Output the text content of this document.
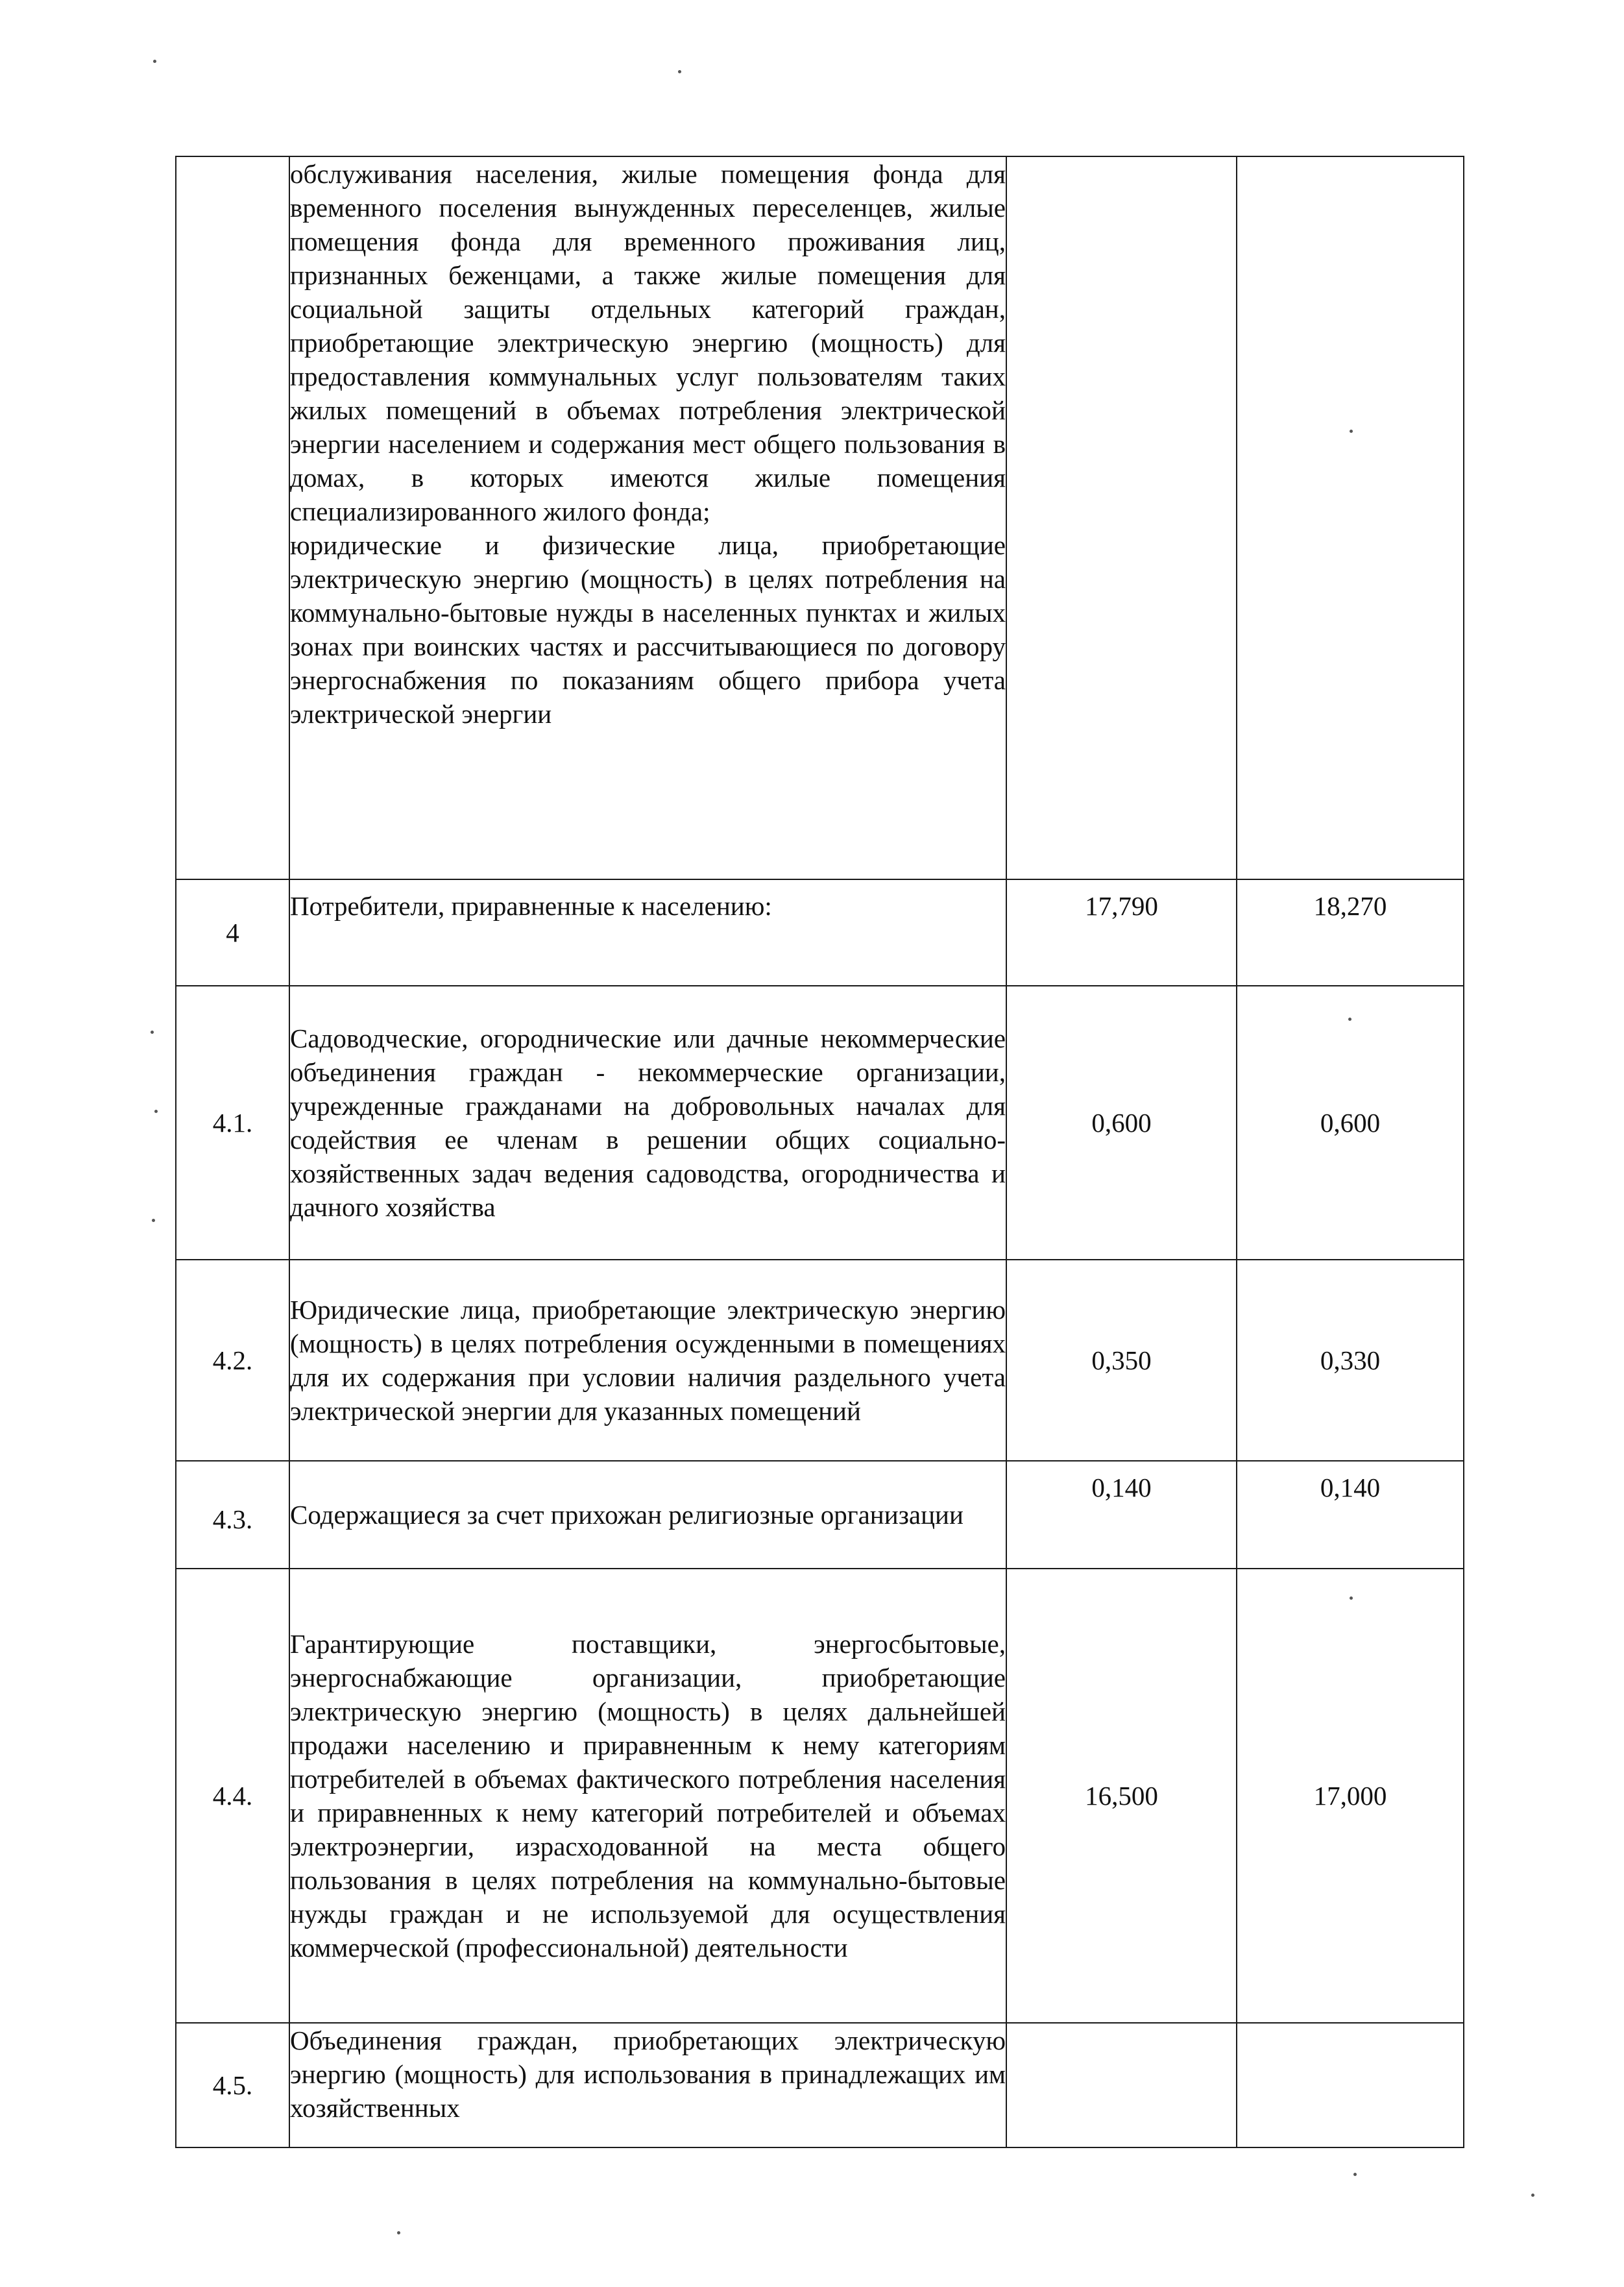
	обслуживания населения, жилые помещения фонда для временного поселения вынужденных переселенцев, жилые помещения фонда для временного проживания лиц, признанных беженцами, а также жилые помещения для социальной защиты отдельных категорий граждан, приобретающие электрическую энергию (мощность) для предоставления коммунальных услуг пользователям таких жилых помещений в объемах потребления электрической энергии населением и содержания мест общего пользования в домах, в которых имеются жилые помещения специализированного жилого фонда;
юридические и физические лица, приобретающие электрическую энергию (мощность) в целях потребления на коммунально-бытовые нужды в населенных пунктах и жилых зонах при воинских частях и рассчитывающиеся по договору энергоснабжения по показаниям общего прибора учета электрической энергии		

4	Потребители, приравненные к населению:	17,790	18,270
4.1.	Садоводческие, огороднические или дачные некоммерческие объединения граждан - некоммерческие организации, учрежденные гражданами на добровольных началах для содействия ее членам в решении общих социально-хозяйственных задач ведения садоводства, огородничества и дачного хозяйства	0,600	0,600
4.2.	Юридические лица, приобретающие электрическую энергию (мощность) в целях потребления осужденными в помещениях для их содержания при условии наличия раздельного учета электрической энергии для указанных помещений	0,350	0,330
4.3.	Содержащиеся за счет прихожан религиозные организации	0,140	0,140
4.4.	Гарантирующие поставщики, энергосбытовые, энергоснабжающие организации, приобретающие электрическую энергию (мощность) в целях дальнейшей продажи населению и приравненным к нему категориям потребителей в объемах фактического потребления населения и приравненных к нему категорий потребителей и объемах электроэнергии, израсходованной на места общего пользования в целях потребления на коммунально-бытовые нужды граждан и не используемой для осуществления коммерческой (профессиональной) деятельности	16,500	17,000
4.5.	Объединения граждан, приобретающих электрическую энергию (мощность) для использования в принадлежащих им хозяйственных		
